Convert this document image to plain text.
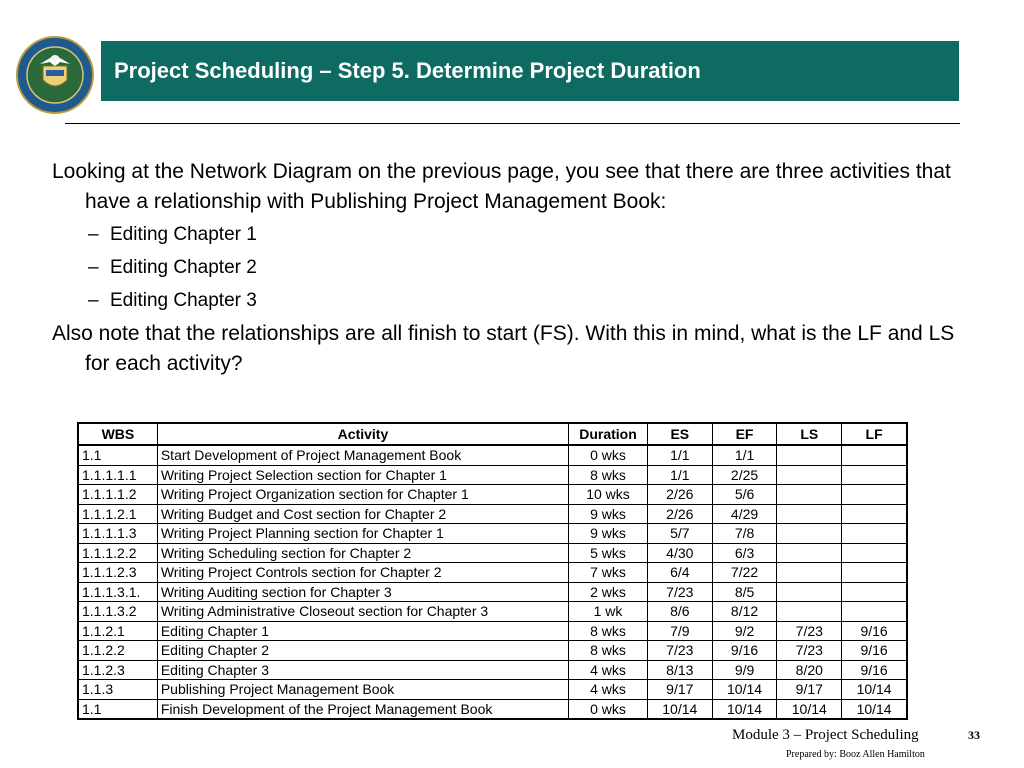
Project Scheduling – Step 5. Determine Project Duration

Looking at the Network Diagram on the previous page, you see that there are three activities that have a relationship with Publishing Project Management Book:

– Editing Chapter 1
– Editing Chapter 2
– Editing Chapter 3

Also note that the relationships are all finish to start (FS). With this in mind, what is the LF and LS for each activity?

WBS	Activity	Duration	ES	EF	LS	LF
1.1	Start Development of Project Management Book	0 wks	1/1	1/1		
1.1.1.1.1	Writing Project Selection section for Chapter 1	8 wks	1/1	2/25		
1.1.1.1.2	Writing Project Organization section for Chapter 1	10 wks	2/26	5/6		
1.1.1.2.1	Writing Budget and Cost section for Chapter 2	9 wks	2/26	4/29		
1.1.1.1.3	Writing Project Planning section for Chapter 1	9 wks	5/7	7/8		
1.1.1.2.2	Writing Scheduling section for Chapter 2	5 wks	4/30	6/3		
1.1.1.2.3	Writing Project Controls section for Chapter 2	7 wks	6/4	7/22		
1.1.1.3.1.	Writing Auditing section for Chapter 3	2 wks	7/23	8/5		
1.1.1.3.2	Writing Administrative Closeout section for Chapter 3	1 wk	8/6	8/12		
1.1.2.1	Editing Chapter 1	8 wks	7/9	9/2	7/23	9/16
1.1.2.2	Editing Chapter 2	8 wks	7/23	9/16	7/23	9/16
1.1.2.3	Editing Chapter 3	4 wks	8/13	9/9	8/20	9/16
1.1.3	Publishing Project Management Book	4 wks	9/17	10/14	9/17	10/14
1.1	Finish Development of the Project Management Book	0 wks	10/14	10/14	10/14	10/14
Module 3 – Project Scheduling	33
Prepared by: Booz Allen Hamilton
